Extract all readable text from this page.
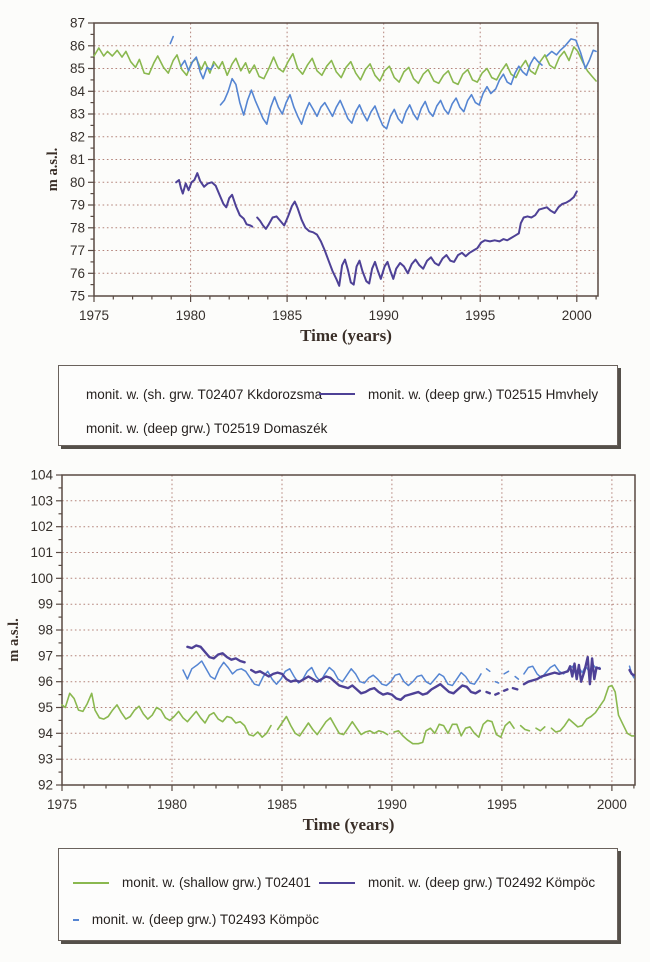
1975	1980	1985	1990	1995	2000
75
76
77
78
79
80
81
82
83
84
85
86
87
Time (years)
m a.s.l.
monit. w. (sh. grw. T02407 Kkdorozsma	monit. w. (deep grw.) T02515 Hmvhely
monit. w. (deep grw.) T02519 Domaszék
1975	1980	1985	1990	1995	2000
92
93
94
95
96
97
98
99
100
101
102
103
104
Time (years)
m a.s.l.
monit. w. (shallow grw.) T02401	monit. w. (deep grw.) T02492 Kömpöc
monit. w. (deep grw.) T02493 Kömpöc
